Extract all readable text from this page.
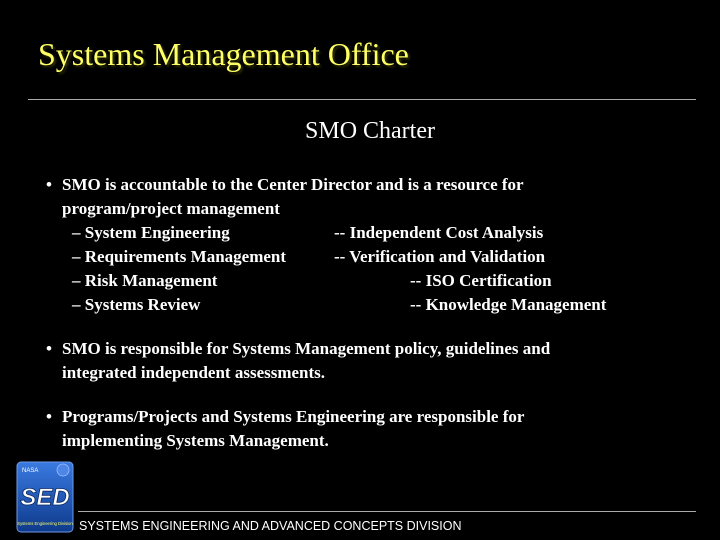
Systems Management Office
SMO Charter
• SMO is accountable to the Center Director and is a resource for
program/project management
– System Engineering
– Requirements Management
– Risk Management
– Systems Review
-- Independent Cost Analysis
-- Verification and Validation
-- ISO Certification
-- Knowledge Management
• SMO is responsible for Systems Management policy, guidelines and
integrated independent assessments.
• Programs/Projects and Systems Engineering are responsible for
implementing Systems Management.
NASA
SED
Systems Engineering Division SYSTEMS ENGINEERING AND ADVANCED CONCEPTS DIVISION
